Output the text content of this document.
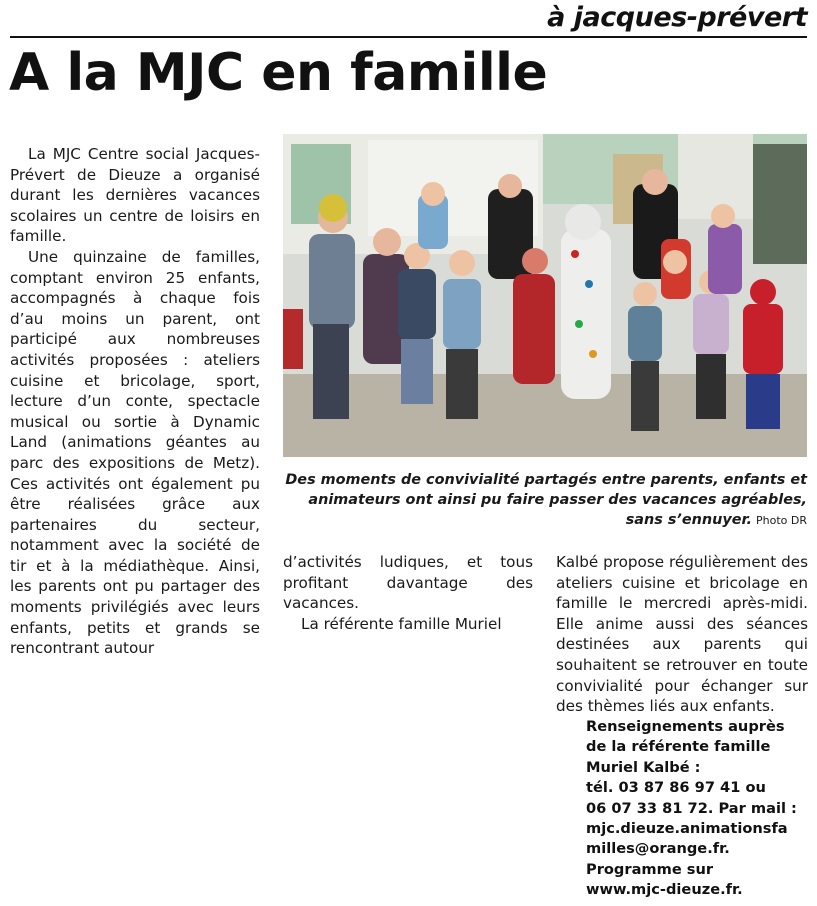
à jacques-prévert
A la MJC en famille

La MJC Centre social Jacques-Prévert de Dieuze a organisé durant les dernières vacances scolaires un centre de loisirs en famille.

Une quinzaine de familles, comptant environ 25 enfants, accompagnés à chaque fois d’au moins un parent, ont participé aux nombreuses activités proposées : ateliers cuisine et bricolage, sport, lecture d’un conte, spectacle musical ou sortie à Dynamic Land (animations géantes au parc des expositions de Metz). Ces activités ont également pu être réalisées grâce aux partenaires du secteur, notamment avec la société de tir et à la médiathèque. Ainsi, les parents ont pu partager des moments privilégiés avec leurs enfants, petits et grands se rencontrant autour

Des moments de convivialité partagés entre parents, enfants et animateurs ont ainsi pu faire passer des vacances agréables, sans s’ennuyer. Photo DR

d’activités ludiques, et tous profitant davantage des vacances.

La référente famille Muriel

Kalbé propose régulièrement des ateliers cuisine et bricolage en famille le mercredi après-midi. Elle anime aussi des séances destinées aux parents qui souhaitent se retrouver en toute convivialité pour échanger sur des thèmes liés aux enfants.

Renseignements auprès
de la référente famille
Muriel Kalbé :
tél. 03 87 86 97 41 ou
06 07 33 81 72. Par mail :
mjc.dieuze.animationsfa
milles@orange.fr.
Programme sur
www.mjc-dieuze.fr.
